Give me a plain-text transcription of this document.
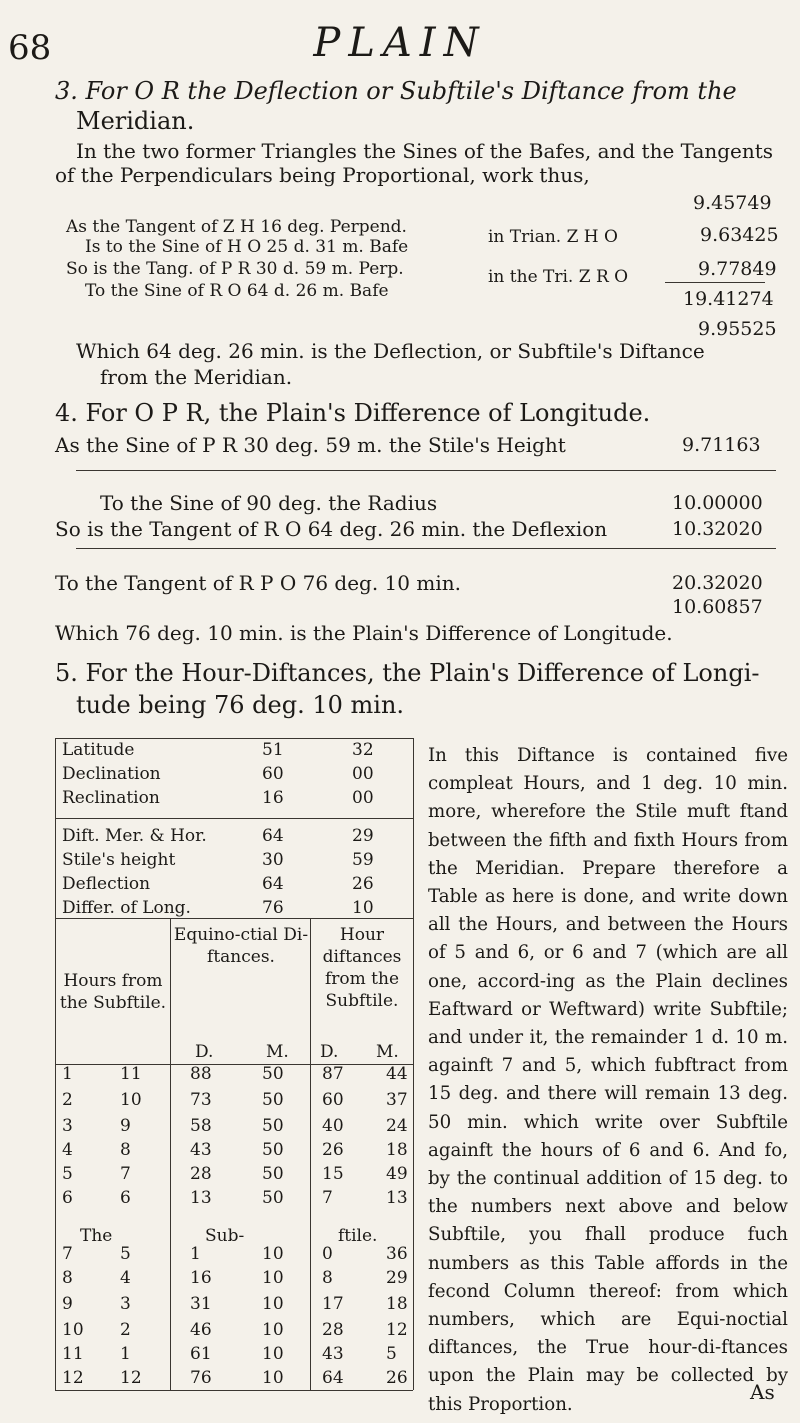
68	PLAIN
3. For O R the Deflection or Subftile's Diftance from the
Meridian.
In the two former Triangles the Sines of the Bafes, and the Tangents
of the Perpendiculars being Proportional, work thus,
9.45749
As the Tangent of Z H 16 deg. Perpend.	in Trian. Z H O	9.63425
Is to the Sine of H O 25 d. 31 m. Bafe
So is the Tang. of P R 30 d. 59 m. Perp.	in the Tri. Z R O	9.77849
To the Sine of R O 64 d. 26 m. Bafe	19.41274
9.95525
Which 64 deg. 26 min. is the Deflection, or Subftile's Diftance
from the Meridian.
4. For O P R, the Plain's Difference of Longitude.
As the Sine of P R 30 deg. 59 m. the Stile's Height	9.71163
To the Sine of 90 deg. the Radius	10.00000
So is the Tangent of R O 64 deg. 26 min. the Deflexion	10.32020
To the Tangent of R P O 76 deg. 10 min.	20.32020
10.60857
Which 76 deg. 10 min. is the Plain's Difference of Longitude.
5. For the Hour-Diftances, the Plain's Difference of Longi-
tude being 76 deg. 10 min.
Latitude	51	32
Declination	60	00
Reclination	16	00
Dift. Mer. & Hor.	64	29
Stile's height	30	59
Deflection	64	26
Differ. of Long.	76	10
Hours from the Subftile.
Equino-ctial Di-ftances.
Hour diftances from the Subftile.
D.	M. D. M.
1	11	88	50 87 44
2	10	73	50 60 37
3	9	58	50 40 24
4	8	43	50 26 18
5	7	28	50 15 49
6	6	13	50 7	13
7	5	1	10 0	36
8	4	16	10 8	29
9	3	31	10 17 18
10 2	46	10 28 12
11 1	61	10 43 5
12 12	76	10 64 26
The	Sub-	ftile.
In this Diftance is contained five compleat Hours, and 1 deg. 10 min. more, wherefore the Stile muft ftand between the fifth and fixth Hours from the Meridian. Prepare therefore a Table as here is done, and write down all the Hours, and between the Hours of 5 and 6, or 6 and 7 (which are all one, accord-ing as the Plain declines Eaftward or Weftward) write Subftile; and under it, the remainder 1 d. 10 m. againft 7 and 5, which fubftract from 15 deg. and there will remain 13 deg. 50 min. which write over Subftile againft the hours of 6 and 6. And fo, by the continual addition of 15 deg. to the numbers next above and below Subftile, you fhall produce fuch numbers as this Table affords in the fecond Column thereof: from which numbers, which are Equi-noctial diftances, the True hour-di-ftances upon the Plain may be collected by this Proportion.
As
